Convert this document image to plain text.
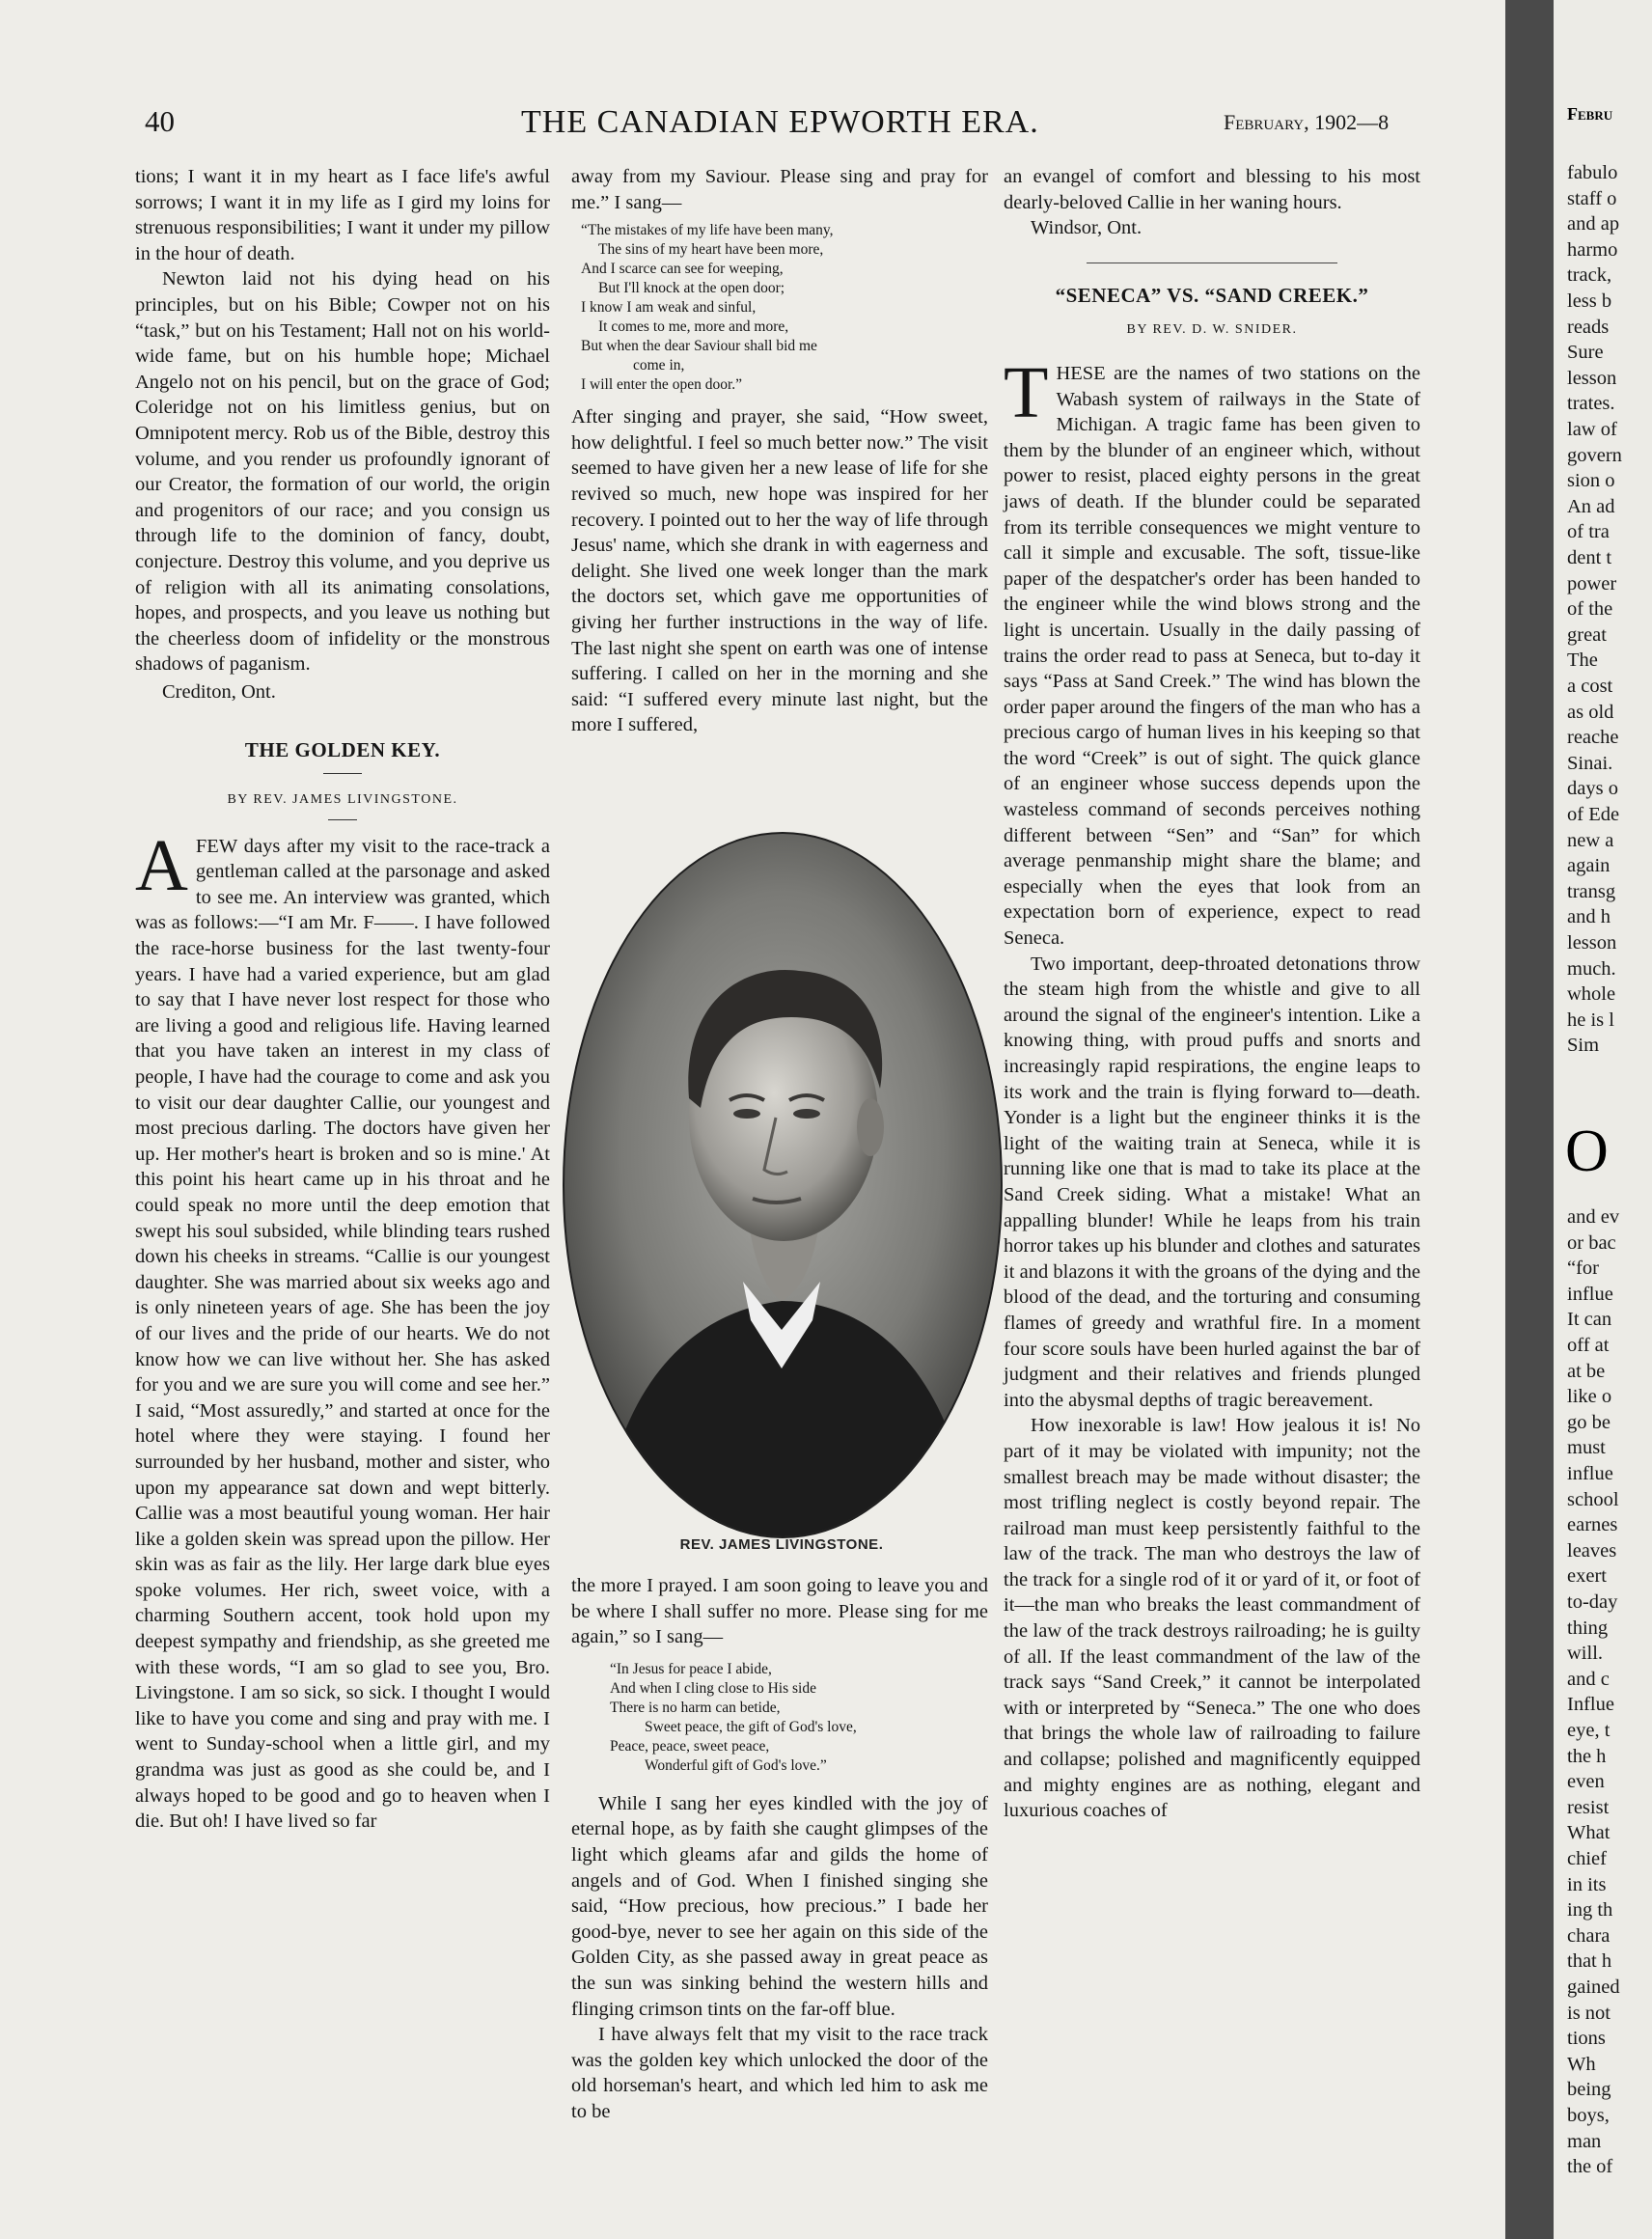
40	THE CANADIAN EPWORTH ERA.	February, 1902—8

tions; I want it in my heart as I face life's awful sorrows; I want it in my life as I gird my loins for strenuous responsibilities; I want it under my pillow in the hour of death.

Newton laid not his dying head on his principles, but on his Bible; Cowper not on his “task,” but on his Testament; Hall not on his world-wide fame, but on his humble hope; Michael Angelo not on his pencil, but on the grace of God; Coleridge not on his limitless genius, but on Omnipotent mercy. Rob us of the Bible, destroy this volume, and you render us profoundly ignorant of our Creator, the formation of our world, the origin and progenitors of our race; and you consign us through life to the dominion of fancy, doubt, conjecture. Destroy this volume, and you deprive us of religion with all its animating consolations, hopes, and prospects, and you leave us nothing but the cheerless doom of infidelity or the monstrous shadows of paganism.

Crediton, Ont.

THE GOLDEN KEY.
BY REV. JAMES LIVINGSTONE.

AFEW days after my visit to the race-track a gentleman called at the parsonage and asked to see me. An interview was granted, which was as follows:—“I am Mr. F——. I have followed the race-horse business for the last twenty-four years. I have had a varied experience, but am glad to say that I have never lost respect for those who are living a good and religious life. Having learned that you have taken an interest in my class of people, I have had the courage to come and ask you to visit our dear daughter Callie, our youngest and most precious darling. The doctors have given her up. Her mother's heart is broken and so is mine.' At this point his heart came up in his throat and he could speak no more until the deep emotion that swept his soul subsided, while blinding tears rushed down his cheeks in streams. “Callie is our youngest daughter. She was married about six weeks ago and is only nineteen years of age. She has been the joy of our lives and the pride of our hearts. We do not know how we can live without her. She has asked for you and we are sure you will come and see her.” I said, “Most assuredly,” and started at once for the hotel where they were staying. I found her surrounded by her husband, mother and sister, who upon my appearance sat down and wept bitterly. Callie was a most beautiful young woman. Her hair like a golden skein was spread upon the pillow. Her skin was as fair as the lily. Her large dark blue eyes spoke volumes. Her rich, sweet voice, with a charming Southern accent, took hold upon my deepest sympathy and friendship, as she greeted me with these words, “I am so glad to see you, Bro. Livingstone. I am so sick, so sick. I thought I would like to have you come and sing and pray with me. I went to Sunday-school when a little girl, and my grandma was just as good as she could be, and I always hoped to be good and go to heaven when I die. But oh! I have lived so far

away from my Saviour. Please sing and pray for me.” I sang—

“The mistakes of my life have been many,
The sins of my heart have been more,
And I scarce can see for weeping,
But I'll knock at the open door;
I know I am weak and sinful,
It comes to me, more and more,
But when the dear Saviour shall bid me
come in,
I will enter the open door.”

After singing and prayer, she said, “How sweet, how delightful. I feel so much better now.” The visit seemed to have given her a new lease of life for she revived so much, new hope was inspired for her recovery. I pointed out to her the way of life through Jesus' name, which she drank in with eagerness and delight. She lived one week longer than the mark the doctors set, which gave me opportunities of giving her further instructions in the way of life. The last night she spent on earth was one of intense suffering. I called on her in the morning and she said: “I suffered every minute last night, but the more I suffered,

REV. JAMES LIVINGSTONE.

the more I prayed. I am soon going to leave you and be where I shall suffer no more. Please sing for me again,” so I sang—

“In Jesus for peace I abide,
And when I cling close to His side
There is no harm can betide,
Sweet peace, the gift of God's love,
Peace, peace, sweet peace,
Wonderful gift of God's love.”

While I sang her eyes kindled with the joy of eternal hope, as by faith she caught glimpses of the light which gleams afar and gilds the home of angels and of God. When I finished singing she said, “How precious, how precious.” I bade her good-bye, never to see her again on this side of the Golden City, as she passed away in great peace as the sun was sinking behind the western hills and flinging crimson tints on the far-off blue.

I have always felt that my visit to the race track was the golden key which unlocked the door of the old horseman's heart, and which led him to ask me to be

an evangel of comfort and blessing to his most dearly-beloved Callie in her waning hours.

Windsor, Ont.

“SENECA” VS. “SAND CREEK.”
BY REV. D. W. SNIDER.

THESE are the names of two stations on the Wabash system of railways in the State of Michigan. A tragic fame has been given to them by the blunder of an engineer which, without power to resist, placed eighty persons in the great jaws of death. If the blunder could be separated from its terrible consequences we might venture to call it simple and excusable. The soft, tissue-like paper of the despatcher's order has been handed to the engineer while the wind blows strong and the light is uncertain. Usually in the daily passing of trains the order read to pass at Seneca, but to-day it says “Pass at Sand Creek.” The wind has blown the order paper around the fingers of the man who has a precious cargo of human lives in his keeping so that the word “Creek” is out of sight. The quick glance of an engineer whose success depends upon the wasteless command of seconds perceives nothing different between “Sen” and “San” for which average penmanship might share the blame; and especially when the eyes that look from an expectation born of experience, expect to read Seneca.

Two important, deep-throated detonations throw the steam high from the whistle and give to all around the signal of the engineer's intention. Like a knowing thing, with proud puffs and snorts and increasingly rapid respirations, the engine leaps to its work and the train is flying forward to—death. Yonder is a light but the engineer thinks it is the light of the waiting train at Seneca, while it is running like one that is mad to take its place at the Sand Creek siding. What a mistake! What an appalling blunder! While he leaps from his train horror takes up his blunder and clothes and saturates it and blazons it with the groans of the dying and the blood of the dead, and the torturing and consuming flames of greedy and wrathful fire. In a moment four score souls have been hurled against the bar of judgment and their relatives and friends plunged into the abysmal depths of tragic bereavement.

How inexorable is law! How jealous it is! No part of it may be violated with impunity; not the smallest breach may be made without disaster; the most trifling neglect is costly beyond repair. The railroad man must keep persistently faithful to the law of the track. The man who destroys the law of the track for a single rod of it or yard of it, or foot of it—the man who breaks the least commandment of the law of the track destroys railroading; he is guilty of all. If the least commandment of the law of the track says “Sand Creek,” it cannot be interpolated with or interpreted by “Seneca.” The one who does that brings the whole law of railroading to failure and collapse; polished and magnificently equipped and mighty engines are as nothing, elegant and luxurious coaches of

Febru
fabulo
staff o
and ap
harmo
track,
less b
reads
Sure
lesson
trates.
law of
govern
sion o
An ad
of tra
dent t
power
of the
great
The
a cost
as old
reache
Sinai.
days o
of Ede
new a
again
transg
and h
lesson
much.
whole
he is l
Sim
O
and ev
or bac
“for
influe
It can
off at
at be
like o
go be
must
influe
school
earnes
leaves
exert
to-day
thing
will.
and c
Influe
eye, t
the h
even
resist
What
chief
in its
ing th
chara
that h
gained
is not
tions
Wh
being
boys,
man
the of
